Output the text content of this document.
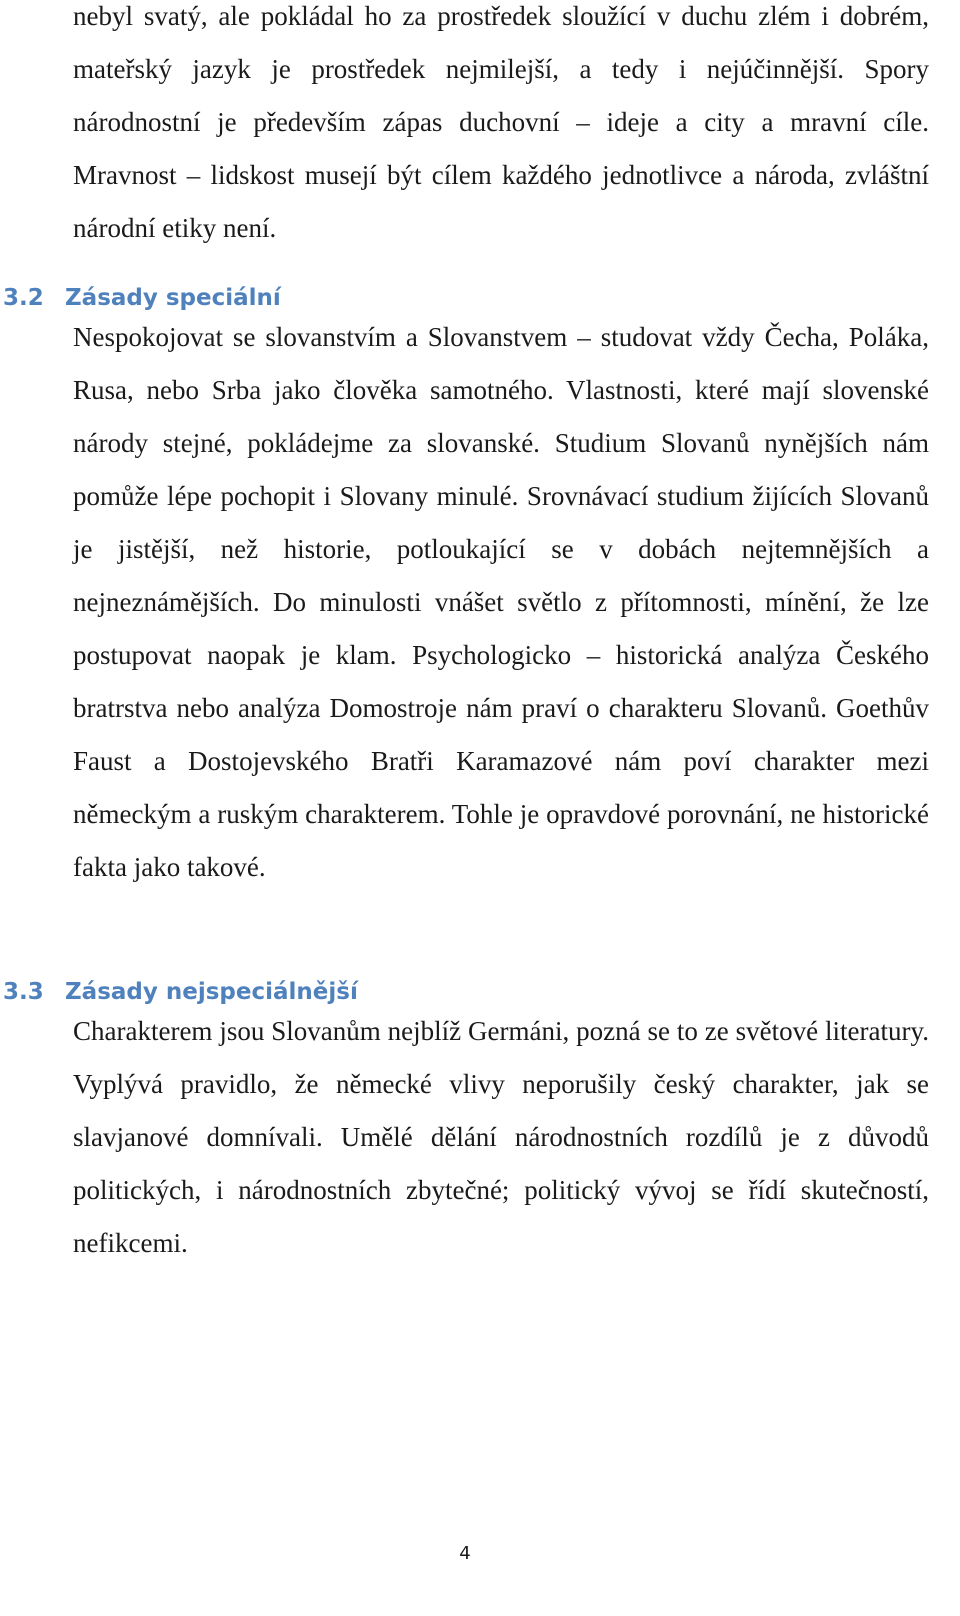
nebyl svatý, ale pokládal ho za prostředek sloužící v duchu zlém i dobrém, mateřský jazyk je prostředek nejmilejší, a tedy i nejúčinnější. Spory národnostní je především zápas duchovní – ideje a city a mravní cíle. Mravnost – lidskost musejí být cílem každého jednotlivce a národa, zvláštní národní etiky není.

3.2 Zásady speciální

Nespokojovat se slovanstvím a Slovanstvem – studovat vždy Čecha, Poláka, Rusa, nebo Srba jako člověka samotného. Vlastnosti, které mají slovenské národy stejné, pokládejme za slovanské. Studium Slovanů nynějších nám pomůže lépe pochopit i Slovany minulé. Srovnávací studium žijících Slovanů je jistější, než historie, potloukající se v dobách nejtemnějších a nejneznámějších. Do minulosti vnášet světlo z přítomnosti, mínění, že lze postupovat naopak je klam. Psychologicko – historická analýza Českého bratrstva nebo analýza Domostroje nám praví o charakteru Slovanů. Goethův Faust a Dostojevského Bratři Karamazové nám poví charakter mezi německým a ruským charakterem. Tohle je opravdové porovnání, ne historické fakta jako takové.

3.3 Zásady nejspeciálnější

Charakterem jsou Slovanům nejblíž Germáni, pozná se to ze světové literatury. Vyplývá pravidlo, že německé vlivy neporušily český charakter, jak se slavjanové domnívali. Umělé dělání národnostních rozdílů je z důvodů politických, i národnostních zbytečné; politický vývoj se řídí skutečností, nefikcemi.

4
